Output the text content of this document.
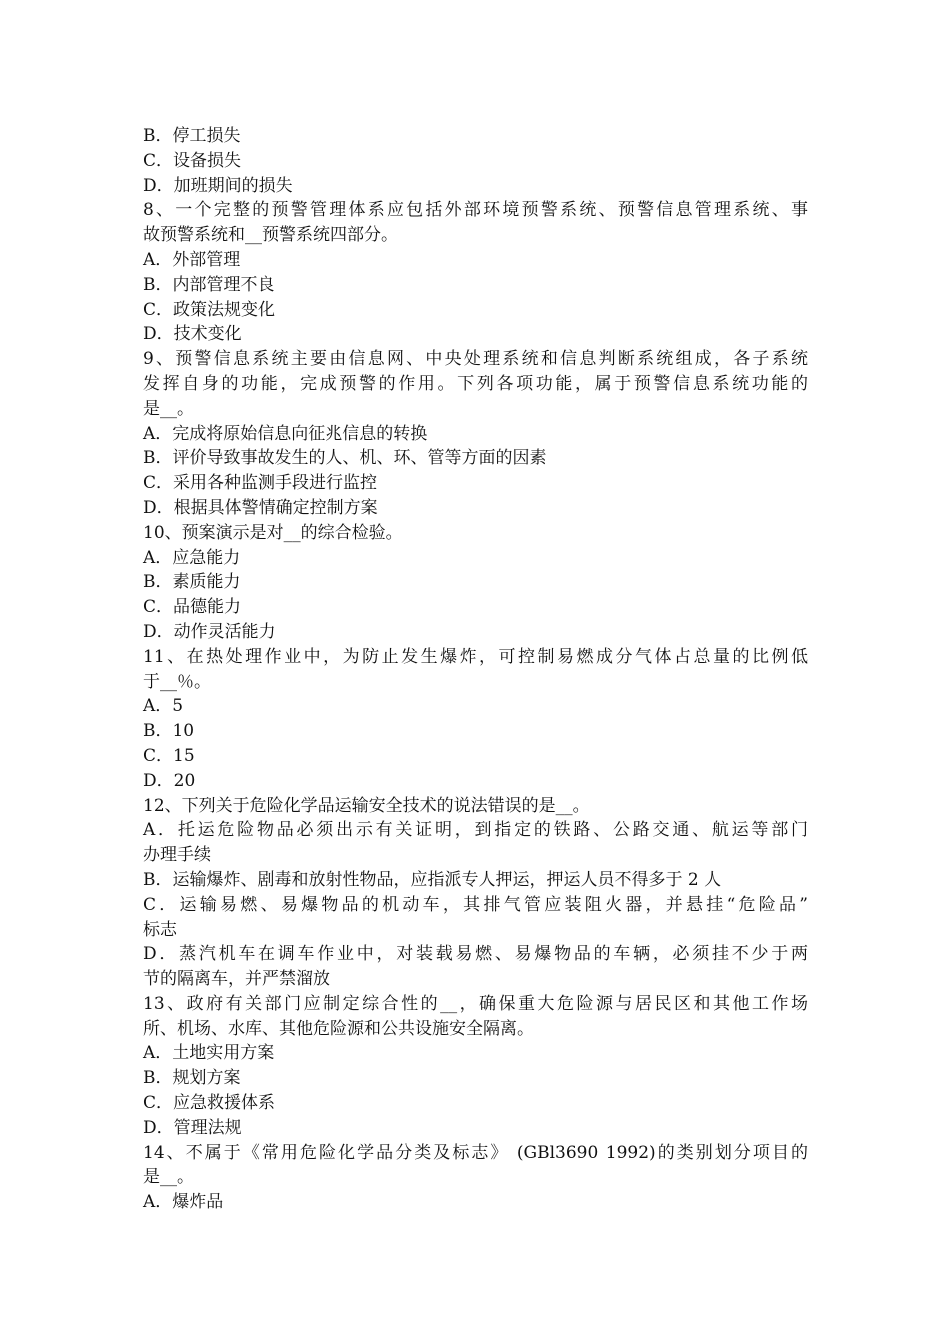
B．停工损失
C．设备损失
D．加班期间的损失
8、一个完整的预警管理体系应包括外部环境预警系统、预警信息管理系统、事
故预警系统和__预警系统四部分。
A．外部管理
B．内部管理不良
C．政策法规变化
D．技术变化
9、预警信息系统主要由信息网、中央处理系统和信息判断系统组成，各子系统
发挥自身的功能，完成预警的作用。下列各项功能，属于预警信息系统功能的
是__。
A．完成将原始信息向征兆信息的转换
B．评价导致事故发生的人、机、环、管等方面的因素
C．采用各种监测手段进行监控
D．根据具体警情确定控制方案
10、预案演示是对__的综合检验。
A．应急能力
B．素质能力
C．品德能力
D．动作灵活能力
11、在热处理作业中，为防止发生爆炸，可控制易燃成分气体占总量的比例低
于__％。
A．5
B．10
C．15
D．20
12、下列关于危险化学品运输安全技术的说法错误的是__。
A．托运危险物品必须出示有关证明，到指定的铁路、公路交通、航运等部门
办理手续
B．运输爆炸、剧毒和放射性物品，应指派专人押运，押运人员不得多于 2 人
C．运输易燃、易爆物品的机动车，其排气管应装阻火器，并悬挂“危险品”
标志
D．蒸汽机车在调车作业中，对装载易燃、易爆物品的车辆，必须挂不少于两
节的隔离车，并严禁溜放
13、政府有关部门应制定综合性的__，确保重大危险源与居民区和其他工作场
所、机场、水库、其他危险源和公共设施安全隔离。
A．土地实用方案
B．规划方案
C．应急救援体系
D．管理法规
14、不属于《常用危险化学品分类及标志》 (GBl3690 1992)的类别划分项目的
是__。
A．爆炸品
